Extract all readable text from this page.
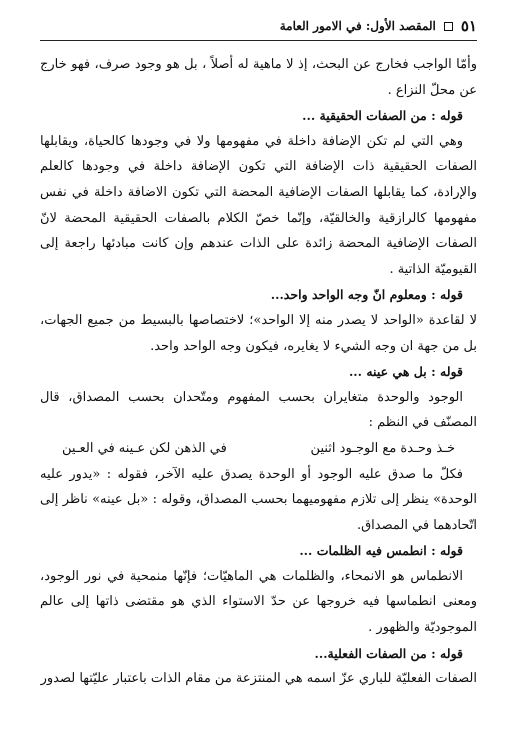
٥١
المقصد الأول: في الامور العامة

وأمّا الواجب فخارج عن البحث، إذ لا ماهية له أصلاً ، بل هو وجود صرف، فهو خارج عن محلّ النزاع .

قوله : من الصفات الحقيقية ...

وهي التي لم تكن الإضافة داخلة في مفهومها ولا في وجودها كالحياة، ويقابلها الصفات الحقيقية ذات الإضافة التي تكون الإضافة داخلة في وجودها كالعلم والإرادة، كما يقابلها الصفات الإضافية المحضة التي تكون الاضافة داخلة في نفس مفهومها كالرازقية والخالقيّة، وإنّما خصّ الكلام بالصفات الحقيقية المحضة لانّ الصفات الإضافية المحضة زائدة على الذات عندهم وإن كانت مبادئها راجعة إلى القيوميّة الذاتية .

قوله : ومعلوم انّ وجه الواحد واحد...

لا لقاعدة «الواحد لا يصدر منه إلا الواحد»؛ لاختصاصها بالبسيط من جميع الجهات، بل من جهة ان وجه الشيء لا يغايره، فيكون وجه الواحد واحد.

قوله : بل هي عينه ...

الوجود والوحدة متغايران بحسب المفهوم ومتّحدان بحسب المصداق، قال المصنّف في النظم :

خـذ وحـدة مع الوجـود اثنين
في الذهن لكن عـينه في العـين

فكلّ ما صدق عليه الوجود أو الوحدة يصدق عليه الآخر، فقوله : «يدور عليه الوحدة» ينظر إلى تلازم مفهوميهما بحسب المصداق، وقوله : «بل عينه» ناظر إلى اتّحادهما في المصداق.

قوله : انطمس فيه الظلمات ...

الانطماس هو الانمحاء، والظلمات هي الماهيّات؛ فإنّها منمحية في نور الوجود، ومعنى انطماسها فيه خروجها عن حدّ الاستواء الذي هو مقتضى ذاتها إلى عالم الموجوديّة والظهور .

قوله : من الصفات الفعلية...

الصفات الفعليّة للباري عزّ اسمه هي المنتزعة من مقام الذات باعتبار عليّتها لصدور
